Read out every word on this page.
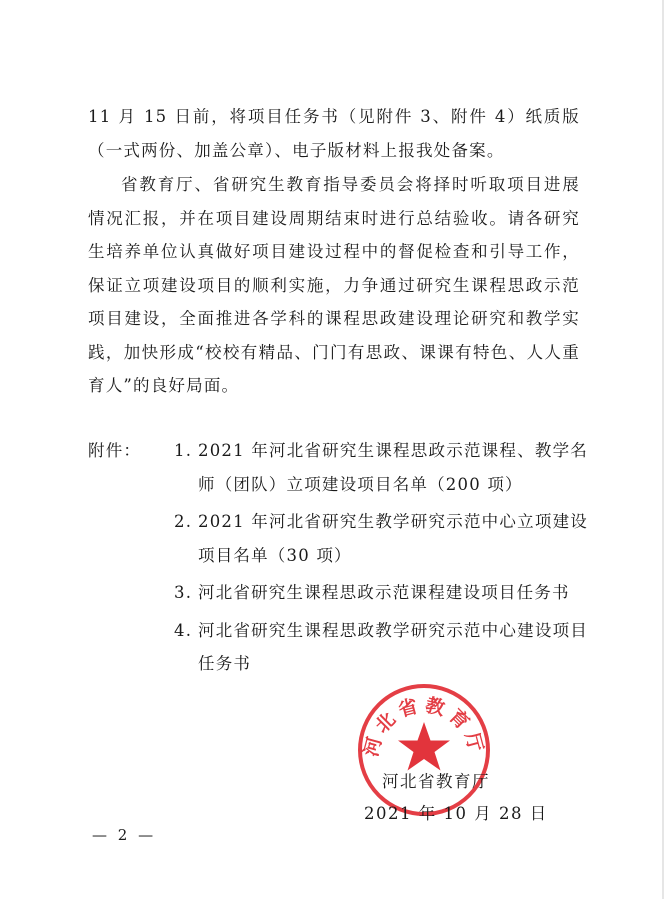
11 月 15 日前，将项目任务书（见附件 3、附件 4）纸质版（一式两份、加盖公章）、电子版材料上报我处备案。

省教育厅、省研究生教育指导委员会将择时听取项目进展情况汇报，并在项目建设周期结束时进行总结验收。请各研究生培养单位认真做好项目建设过程中的督促检查和引导工作，保证立项建设项目的顺利实施，力争通过研究生课程思政示范项目建设，全面推进各学科的课程思政建设理论研究和教学实践，加快形成“校校有精品、门门有思政、课课有特色、人人重育人”的良好局面。

附件： 1. 2021 年河北省研究生课程思政示范课程、教学名师（团队）立项建设项目名单（200 项）
2. 2021 年河北省研究生教学研究示范中心立项建设项目名单（30 项）
3. 河北省研究生课程思政示范课程建设项目任务书
4. 河北省研究生课程思政教学研究示范中心建设项目任务书
河北省教育厅
河北省教育厅
2021 年 10 月 28 日
— 2 —
